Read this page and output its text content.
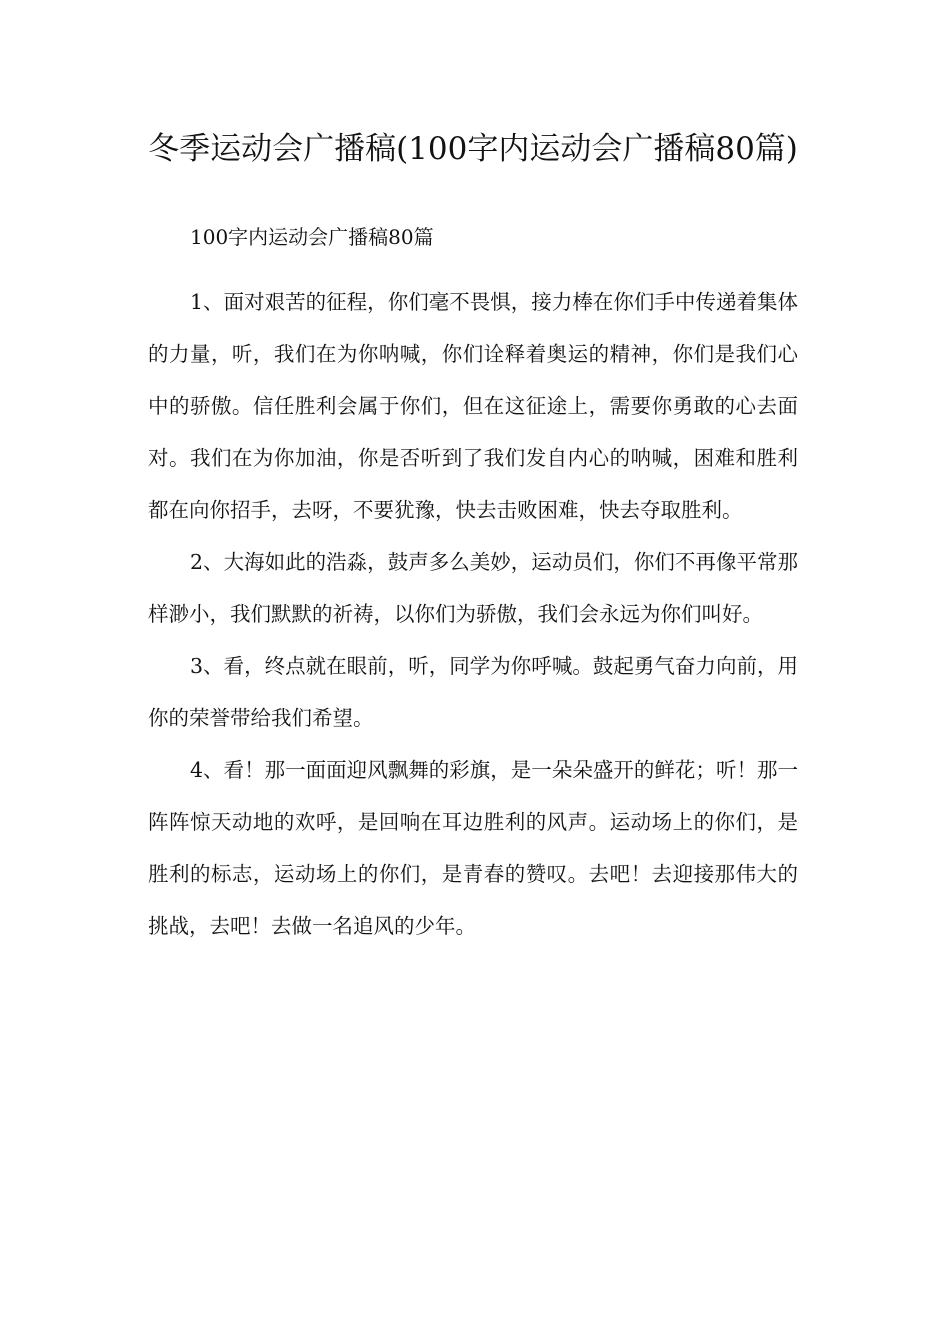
冬季运动会广播稿(100字内运动会广播稿80篇)

100字内运动会广播稿80篇

1、面对艰苦的征程，你们毫不畏惧，接力棒在你们手中传递着集体的力量，听，我们在为你呐喊，你们诠释着奥运的精神，你们是我们心中的骄傲。信任胜利会属于你们，但在这征途上，需要你勇敢的心去面对。我们在为你加油，你是否听到了我们发自内心的呐喊，困难和胜利都在向你招手，去呀，不要犹豫，快去击败困难，快去夺取胜利。

2、大海如此的浩淼，鼓声多么美妙，运动员们，你们不再像平常那样渺小，我们默默的祈祷，以你们为骄傲，我们会永远为你们叫好。

3、看，终点就在眼前，听，同学为你呼喊。鼓起勇气奋力向前，用你的荣誉带给我们希望。

4、看！那一面面迎风飘舞的彩旗，是一朵朵盛开的鲜花；听！那一阵阵惊天动地的欢呼，是回响在耳边胜利的风声。运动场上的你们，是胜利的标志，运动场上的你们，是青春的赞叹。去吧！去迎接那伟大的挑战，去吧！去做一名追风的少年。
